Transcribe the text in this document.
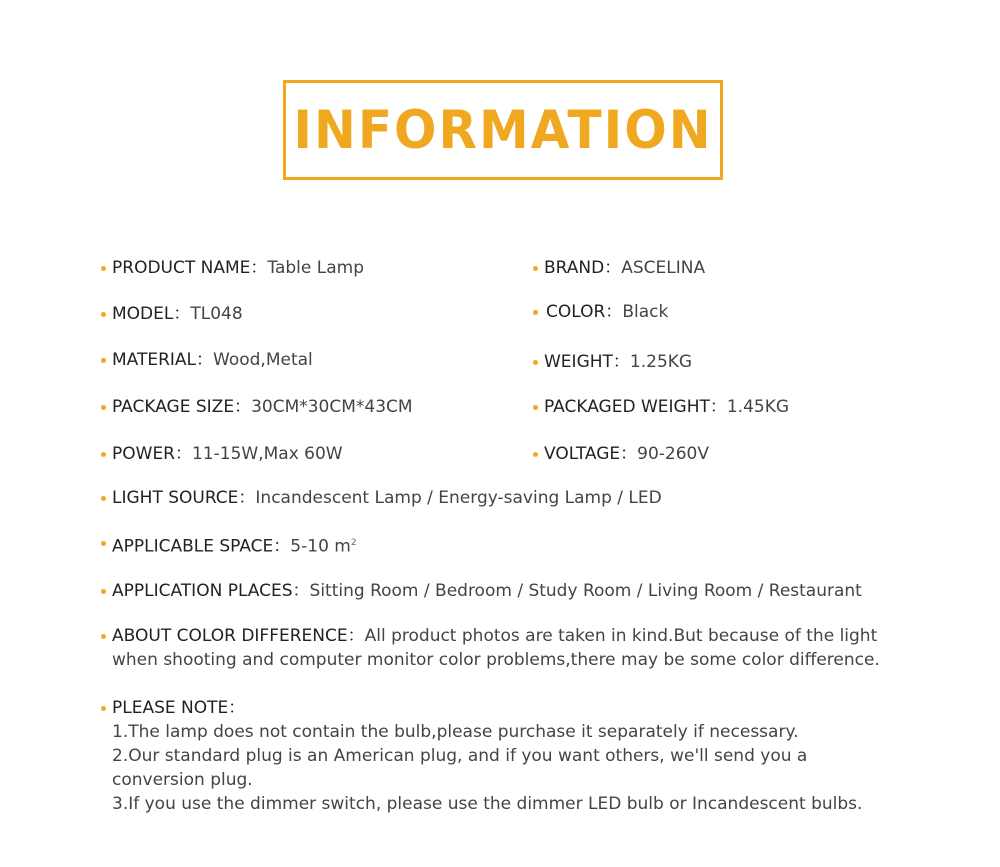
INFORMATION
PRODUCT NAME：Table Lamp
MODEL：TL048
MATERIAL：Wood,Metal
PACKAGE SIZE：30CM*30CM*43CM
POWER：11-15W,Max 60W
BRAND：ASCELINA
COLOR：Black
WEIGHT：1.25KG
PACKAGED WEIGHT：1.45KG
VOLTAGE：90-260V
LIGHT SOURCE：Incandescent Lamp / Energy-saving Lamp / LED
APPLICABLE SPACE：5-10 $m^2$
APPLICATION PLACES：Sitting Room / Bedroom / Study Room / Living Room / Restaurant
ABOUT COLOR DIFFERENCE：All product photos are taken in kind.But because of the light
when shooting and computer monitor color problems,there may be some color difference.
PLEASE NOTE：
1.The lamp does not contain the bulb,please purchase it separately if necessary.
2.Our standard plug is an American plug, and if you want others, we'll send you a
conversion plug.
3.If you use the dimmer switch, please use the dimmer LED bulb or Incandescent bulbs.
